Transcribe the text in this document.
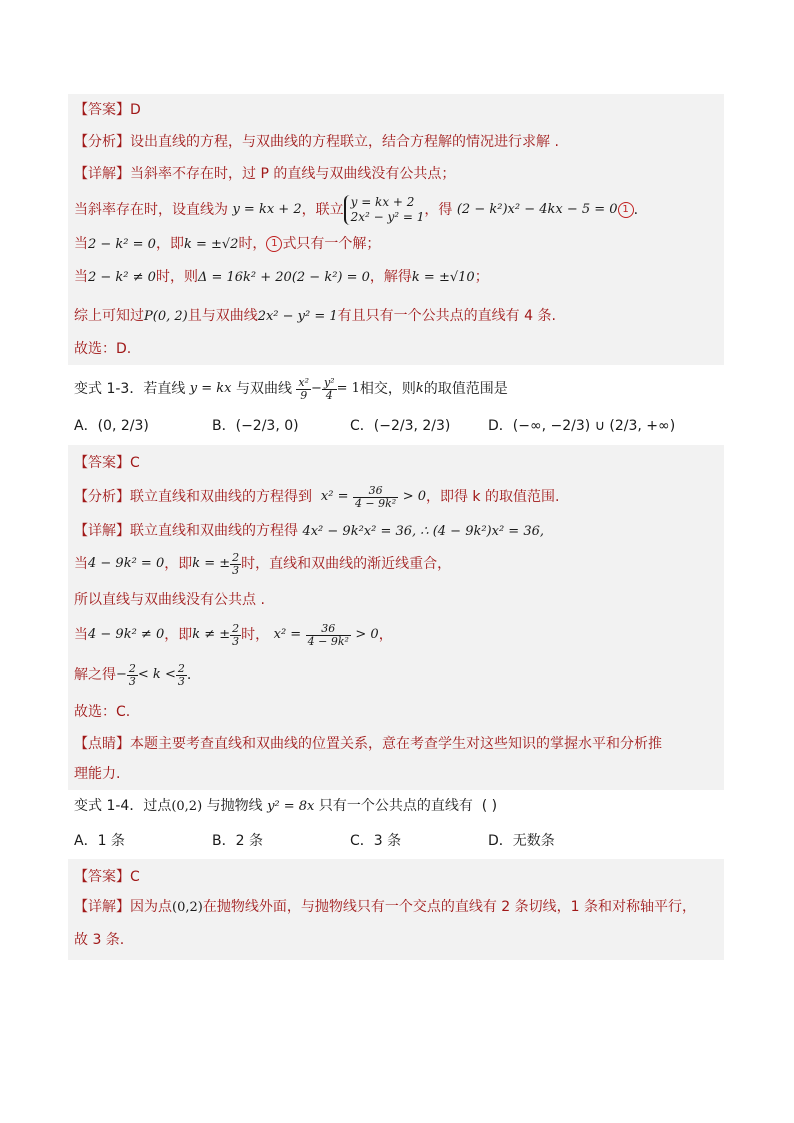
【答案】D
【分析】设出直线的方程，与双曲线的方程联立，结合方程解的情况进行求解 .
【详解】当斜率不存在时，过 P 的直线与双曲线没有公共点；
当斜率存在时，设直线为
y = kx + 2 ，联立 y = kx + 2
2x² − y² = 1 ，得
(2 − k²)x² − 4kx − 5 = 0 1 .
当2 − k² = 0，即k = ±√2时， 1 式只有一个解；
当2 − k² ≠ 0时，则Δ = 16k² + 20(2 − k²) = 0，解得k = ±√10；
综上可知过P(0, 2)且与双曲线2x² − y² = 1有且只有一个公共点的直线有 4 条.
故选：D.
变式 1-3．若直线
y = kx
与双曲线
$\frac{\text{x²}}{9} - \frac{\text{y²}}{4} = 1$ 相交，则 k 的取值范围是
A．(0, 2/3)	B．(−2/3, 0)	C．(−2/3, 2/3)	D．(−∞, −2/3) ∪ (2/3, +∞)
【答案】C
【分析】 联立直线和双曲线的方程得到
x² =
$\frac{36}{\text{4 − 9k²}}$
> 0 ，即得 k 的取值范围.
【详解】联立直线和双曲线的方程得 4x² − 9k²x² = 36, ∴ (4 − 9k²)x² = 36,
当 4 − 9k² = 0 ，即 k = ± $\frac{2}{3}$ 时，直线和双曲线的渐近线重合，
所以直线与双曲线没有公共点 .
当 4 − 9k² ≠ 0 ，即 k ≠ ± $\frac{2}{3}$ 时，
x² =
$\frac{36}{\text{4 − 9k²}}$
> 0 ，
解之得 − $\frac{2}{3} < k < \frac{2}{3}$ .
故选：C.
【点睛】本题主要考查直线和双曲线的位置关系，意在考查学生对这些知识的掌握水平和分析推
理能力.
变式 1-4．过点(0,2) 与抛物线 y² = 8x 只有一个公共点的直线有 ( )
A．1 条	B．2 条	C．3 条	D．无数条
【答案】C
【详解】因为点(0,2)在抛物线外面，与抛物线只有一个交点的直线有 2 条切线，1 条和对称轴平行，
故 3 条.
